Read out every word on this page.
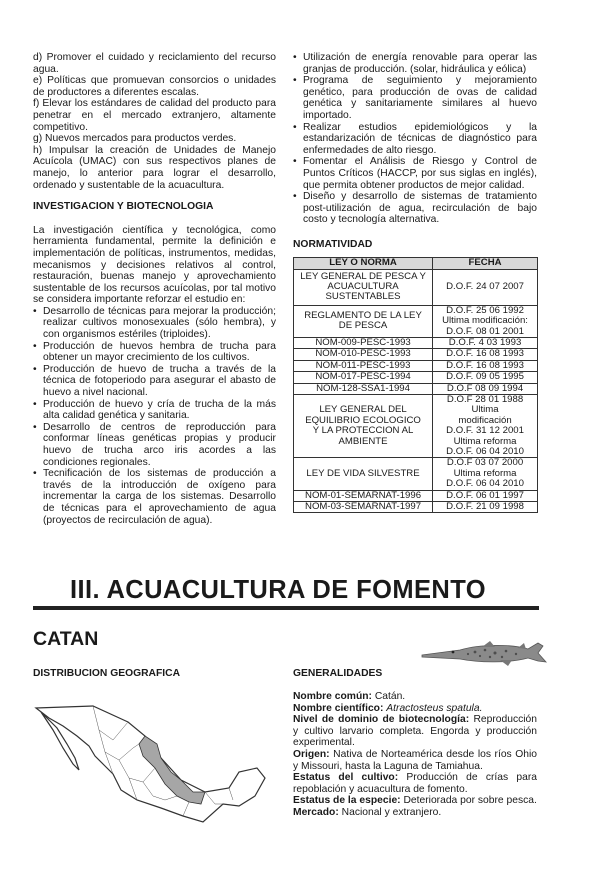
d) Promover el cuidado y reciclamiento del recurso agua.

e) Políticas que promuevan consorcios o unidades de productores a diferentes escalas.

f) Elevar los estándares de calidad del producto para penetrar en el mercado extranjero, altamente competitivo.

g) Nuevos mercados para productos verdes.

h) Impulsar la creación de Unidades de Manejo Acuícola (UMAC) con sus respectivos planes de manejo, lo anterior para lograr el desarrollo, ordenado y sustentable de la acuacultura.

INVESTIGACION Y BIOTECNOLOGIA

La investigación científica y tecnológica, como herramienta fundamental, permite la definición e implementación de políticas, instrumentos, medidas, mecanismos y decisiones relativos al control, restauración, buenas manejo y aprovechamiento sustentable de los recursos acuícolas, por tal motivo se considera importante reforzar el estudio en:

• Desarrollo de técnicas para mejorar la producción; realizar cultivos monosexuales (sólo hembra), y con organismos estériles (triploides).
• Producción de huevos hembra de trucha para obtener un mayor crecimiento de los cultivos.
• Producción de huevo de trucha a través de la técnica de fotoperiodo para asegurar el abasto de huevo a nivel nacional.
• Producción de huevo y cría de trucha de la más alta calidad genética y sanitaria.
• Desarrollo de centros de reproducción para conformar líneas genéticas propias y producir huevo de trucha arco iris acordes a las condiciones regionales.
• Tecnificación de los sistemas de producción a través de la introducción de oxígeno para incrementar la carga de los sistemas. Desarrollo de técnicas para el aprovechamiento de agua (proyectos de recirculación de agua).
• Utilización de energía renovable para operar las granjas de producción. (solar, hidráulica y eólica)
• Programa de seguimiento y mejoramiento genético, para producción de ovas de calidad genética y sanitariamente similares al huevo importado.
• Realizar estudios epidemiológicos y la estandarización de técnicas de diagnóstico para enfermedades de alto riesgo.
• Fomentar el Análisis de Riesgo y Control de Puntos Críticos (HACCP, por sus siglas en inglés), que permita obtener productos de mejor calidad.
• Diseño y desarrollo de sistemas de tratamiento post-utilización de agua, recirculación de bajo costo y tecnología alternativa.
NORMATIVIDAD
LEY O NORMA	FECHA
LEY GENERAL DE PESCA Y ACUACULTURA SUSTENTABLES	D.O.F. 24 07 2007
REGLAMENTO DE LA LEY DE PESCA	D.O.F. 25 06 1992 Ultima modificación: D.O.F. 08 01 2001
NOM-009-PESC-1993	D.O.F. 4 03 1993
NOM-010-PESC-1993	D.O.F. 16 08 1993
NOM-011-PESC-1993	D.O.F. 16 08 1993
NOM-017-PESC-1994	D.O.F. 09 05 1995
NOM-128-SSA1-1994	D.O.F 08 09 1994
LEY GENERAL DEL EQUILIBRIO ECOLOGICO Y LA PROTECCION AL AMBIENTE	D.O.F 28 01 1988 Ultima modificación D.O.F. 31 12 2001 Ultima reforma D.O.F. 06 04 2010
LEY DE VIDA SILVESTRE	D.O.F 03 07 2000 Ultima reforma D.O.F. 06 04 2010
NOM-01-SEMARNAT-1996	D.O.F. 06 01 1997
NOM-03-SEMARNAT-1997	D.O.F. 21 09 1998
III. ACUACULTURA DE FOMENTO
CATAN
DISTRIBUCION GEOGRAFICA	GENERALIDADES

Nombre común: Catán.

Nombre científico: Atractosteus spatula.

Nivel de dominio de biotecnología: Reproducción y cultivo larvario completa. Engorda y producción experimental.

Origen: Nativa de Norteamérica desde los ríos Ohio y Missouri, hasta la Laguna de Tamiahua.

Estatus del cultivo: Producción de crías para repoblación y acuacultura de fomento.

Estatus de la especie: Deteriorada por sobre pesca.

Mercado: Nacional y extranjero.
